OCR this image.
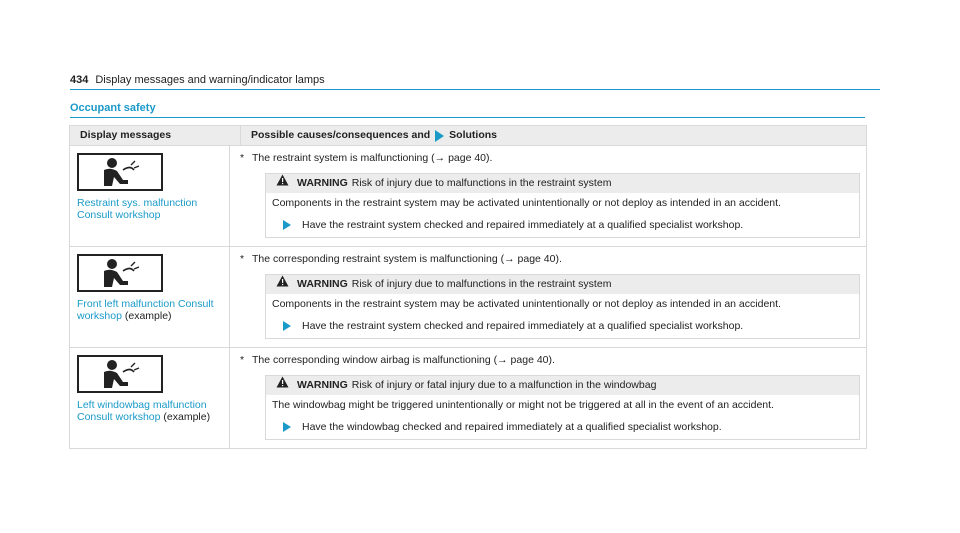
434 Display messages and warning/indicator lamps
Occupant safety
Display messages	Possible causes/consequences and Solutions
Restraint sys. malfunction Consult workshop
* The restraint system is malfunctioning (→ page 40).
WARNING Risk of injury due to malfunctions in the restraint system
Components in the restraint system may be activated unintentionally or not deploy as intended in an accident.
Have the restraint system checked and repaired immediately at a qualified specialist workshop.
Front left malfunction Consult workshop (example)
* The corresponding restraint system is malfunctioning (→ page 40).
WARNING Risk of injury due to malfunctions in the restraint system
Components in the restraint system may be activated unintentionally or not deploy as intended in an accident.
Have the restraint system checked and repaired immediately at a qualified specialist workshop.
Left windowbag malfunction Consult workshop (example)
* The corresponding window airbag is malfunctioning (→ page 40).
WARNING Risk of injury or fatal injury due to a malfunction in the windowbag
The windowbag might be triggered unintentionally or might not be triggered at all in the event of an accident.
Have the windowbag checked and repaired immediately at a qualified specialist workshop.
